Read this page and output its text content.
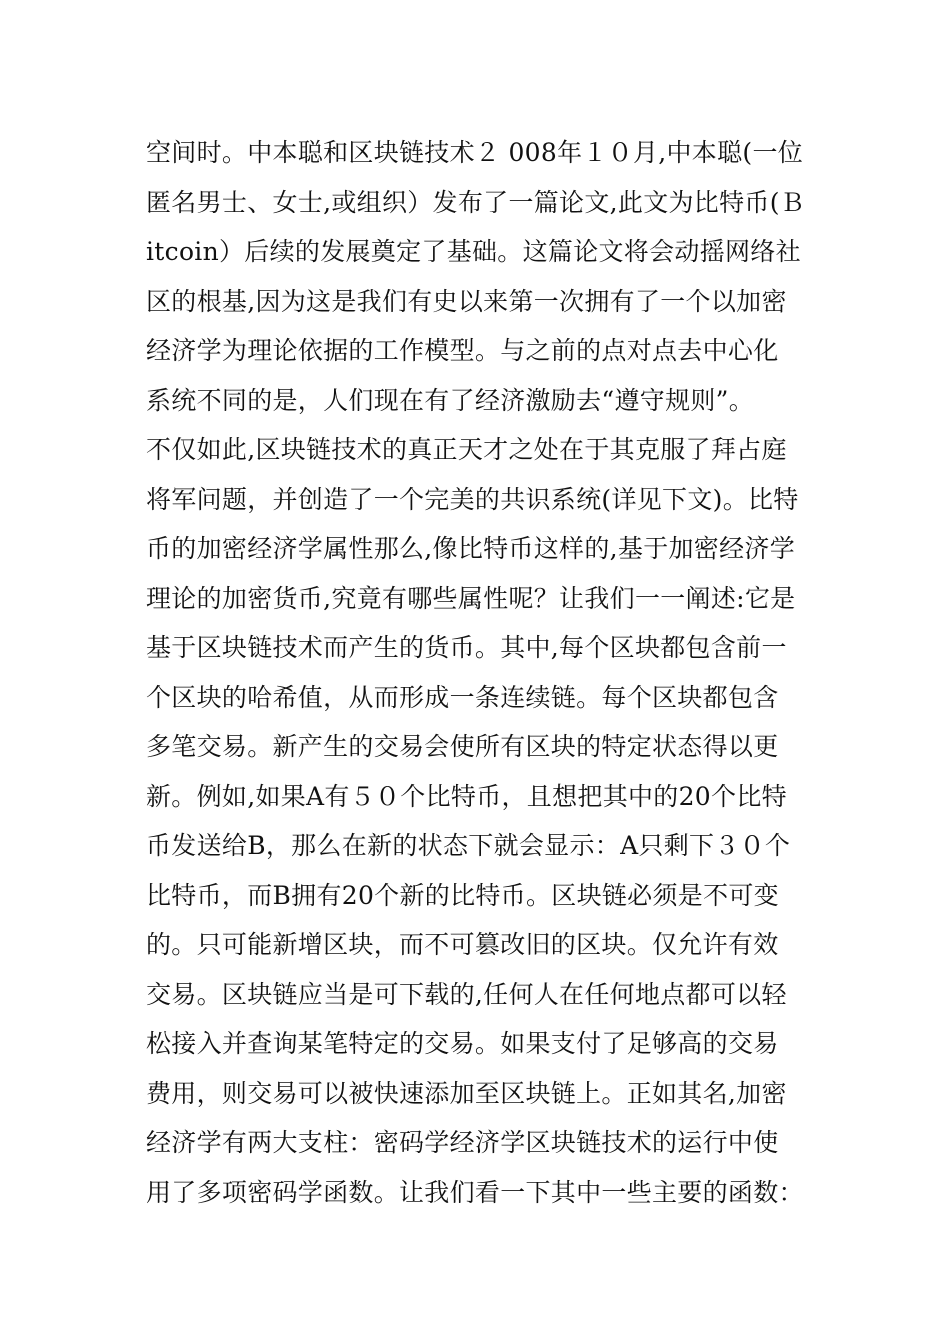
空间时。中本聪和区块链技术２ 008年１０月,中本聪(一位
匿名男士、女士,或组织）发布了一篇论文,此文为比特币(Ｂ
itcoin）后续的发展奠定了基础。这篇论文将会动摇网络社
区的根基,因为这是我们有史以来第一次拥有了一个以加密
经济学为理论依据的工作模型。与之前的点对点去中心化
系统不同的是，人们现在有了经济激励去“遵守规则”。
不仅如此,区块链技术的真正天才之处在于其克服了拜占庭
将军问题，并创造了一个完美的共识系统(详见下文)。比特
币的加密经济学属性那么,像比特币这样的,基于加密经济学
理论的加密货币,究竟有哪些属性呢？让我们一一阐述:它是
基于区块链技术而产生的货币。其中,每个区块都包含前一
个区块的哈希值，从而形成一条连续链。每个区块都包含
多笔交易。新产生的交易会使所有区块的特定状态得以更
新。例如,如果A有５０个比特币，且想把其中的20个比特
币发送给B，那么在新的状态下就会显示：A只剩下３０个
比特币，而B拥有20个新的比特币。区块链必须是不可变
的。只可能新增区块，而不可篡改旧的区块。仅允许有效
交易。区块链应当是可下载的,任何人在任何地点都可以轻
松接入并查询某笔特定的交易。如果支付了足够高的交易
费用，则交易可以被快速添加至区块链上。正如其名,加密
经济学有两大支柱：密码学经济学区块链技术的运行中使
用了多项密码学函数。让我们看一下其中一些主要的函数：
